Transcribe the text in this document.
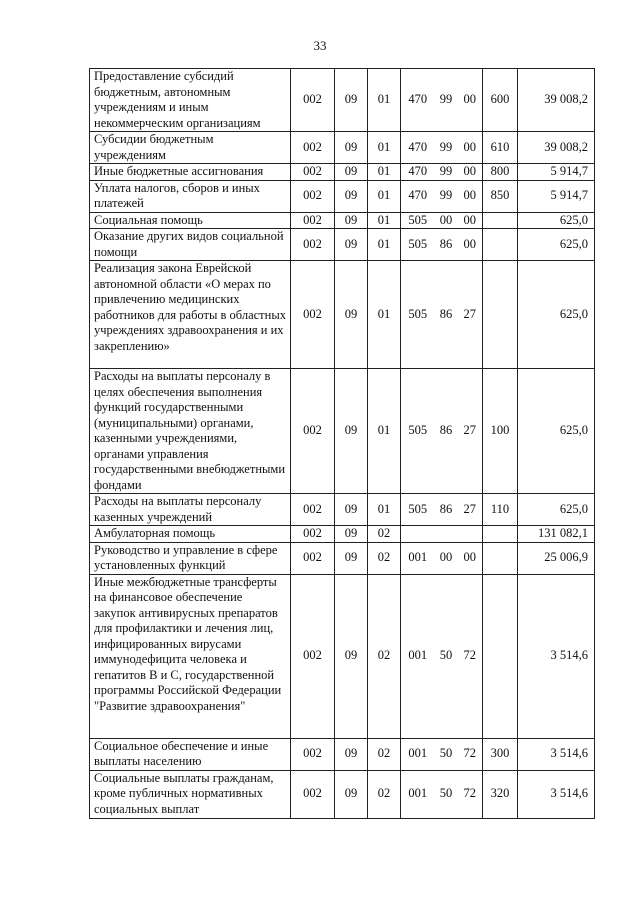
33
Предоставление субсидий бюджетным, автономным учреждениям и иным некоммерческим организациям	002	09	01	470	99	00	600	39 008,2
Субсидии бюджетным учреждениям	002	09	01	470	99	00	610	39 008,2
Иные бюджетные ассигнования	002	09	01	470	99	00	800	5 914,7
Уплата налогов, сборов и иных платежей	002	09	01	470	99	00	850	5 914,7
Социальная помощь	002	09	01	505	00	00		625,0
Оказание других видов социальной помощи	002	09	01	505	86	00		625,0
Реализация закона Еврейской автономной области «О мерах по привлечению медицинских работников для работы в областных учреждениях здравоохранения и их закреплению»	002	09	01	505	86	27		625,0
Расходы на выплаты персоналу в целях обеспечения выполнения функций государственными (муниципальными) органами, казенными учреждениями, органами управления государственными внебюджетными фондами	002	09	01	505	86	27	100	625,0
Расходы на выплаты персоналу казенных учреждений	002	09	01	505	86	27	110	625,0
Амбулаторная помощь	002	09	02					131 082,1
Руководство и управление в сфере установленных функций	002	09	02	001	00	00		25 006,9
Иные межбюджетные трансферты на финансовое обеспечение закупок антивирусных препаратов для профилактики и лечения лиц, инфицированных вирусами иммунодефицита человека и гепатитов В и С, государственной программы Российской Федерации "Развитие здравоохранения"	002	09	02	001	50	72		3 514,6
Социальное обеспечение и иные выплаты населению	002	09	02	001	50	72	300	3 514,6
Социальные выплаты гражданам, кроме публичных нормативных социальных выплат	002	09	02	001	50	72	320	3 514,6
